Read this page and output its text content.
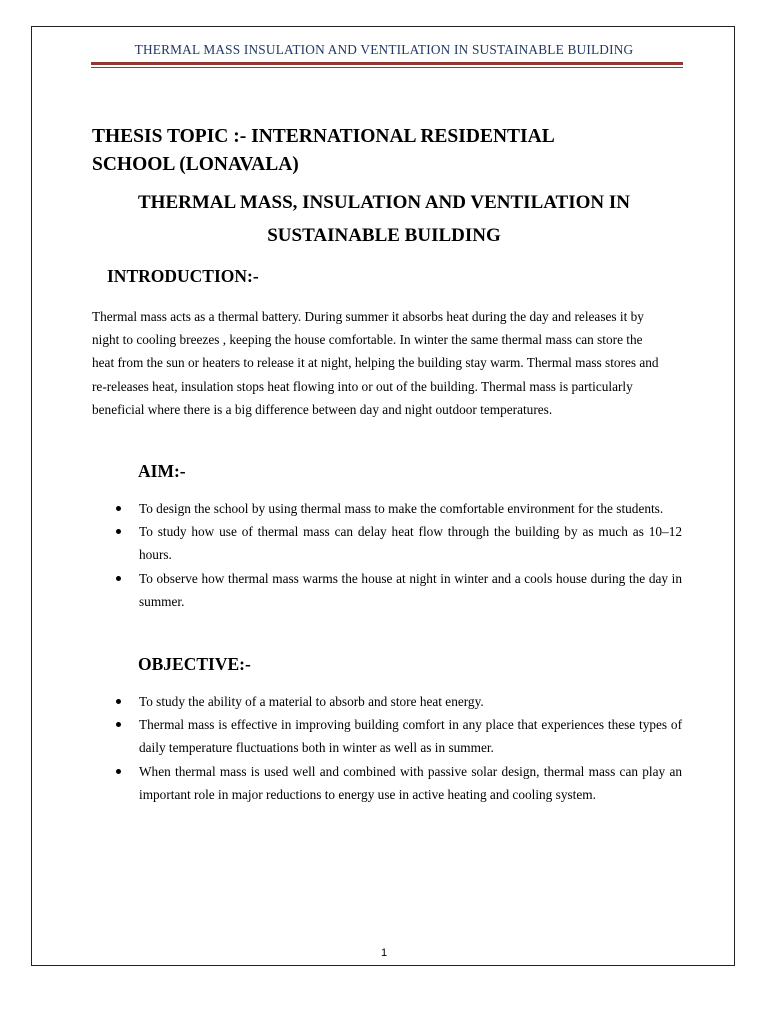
THERMAL MASS INSULATION AND VENTILATION IN SUSTAINABLE BUILDING
THESIS TOPIC :- INTERNATIONAL RESIDENTIAL
SCHOOL (LONAVALA)
THERMAL MASS, INSULATION AND VENTILATION IN
SUSTAINABLE BUILDING
INTRODUCTION:-

Thermal mass acts as a thermal battery. During summer it absorbs heat during the day and releases it by night to cooling breezes , keeping the house comfortable. In winter the same thermal mass can store the heat from the sun or heaters to release it at night, helping the building stay warm. Thermal mass stores and re-releases heat, insulation stops heat flowing into or out of the building. Thermal mass is particularly beneficial where there is a big difference between day and night outdoor temperatures.

AIM:-
To design the school by using thermal mass to make the comfortable environment for the students.
To study how use of thermal mass can delay heat flow through the building by as much as 10–12 hours.
To observe how thermal mass warms the house at night in winter and a cools house during the day in summer.
OBJECTIVE:-
To study the ability of a material to absorb and store heat energy.
Thermal mass is effective in improving building comfort in any place that experiences these types of daily temperature fluctuations both in winter as well as in summer.
When thermal mass is used well and combined with passive solar design, thermal mass can play an important role in major reductions to energy use in active heating and cooling system.
1
